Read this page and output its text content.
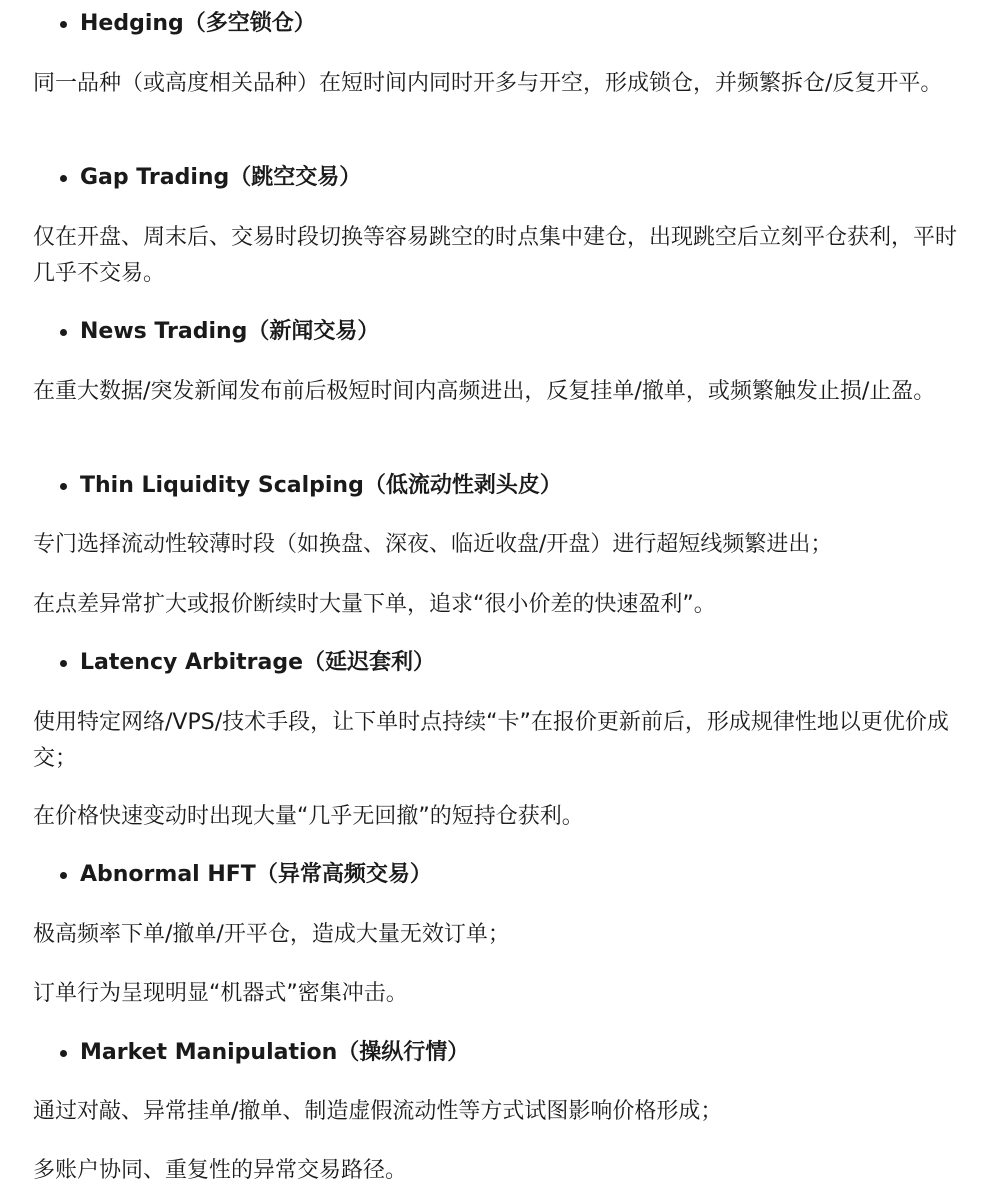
Hedging（多空锁仓）

同一品种（或高度相关品种）在短时间内同时开多与开空，形成锁仓，并频繁拆仓/反复开平。

Gap Trading（跳空交易）

仅在开盘、周末后、交易时段切换等容易跳空的时点集中建仓，出现跳空后立刻平仓获利，平时几乎不交易。

News Trading（新闻交易）

在重大数据/突发新闻发布前后极短时间内高频进出，反复挂单/撤单，或频繁触发止损/止盈。

Thin Liquidity Scalping（低流动性剥头皮）

专门选择流动性较薄时段（如换盘、深夜、临近收盘/开盘）进行超短线频繁进出；

在点差异常扩大或报价断续时大量下单，追求“很小价差的快速盈利”。

Latency Arbitrage（延迟套利）

使用特定网络/VPS/技术手段，让下单时点持续“卡”在报价更新前后，形成规律性地以更优价成交；

在价格快速变动时出现大量“几乎无回撤”的短持仓获利。

Abnormal HFT（异常高频交易）

极高频率下单/撤单/开平仓，造成大量无效订单；

订单行为呈现明显“机器式”密集冲击。

Market Manipulation（操纵行情）

通过对敲、异常挂单/撤单、制造虚假流动性等方式试图影响价格形成；

多账户协同、重复性的异常交易路径。
